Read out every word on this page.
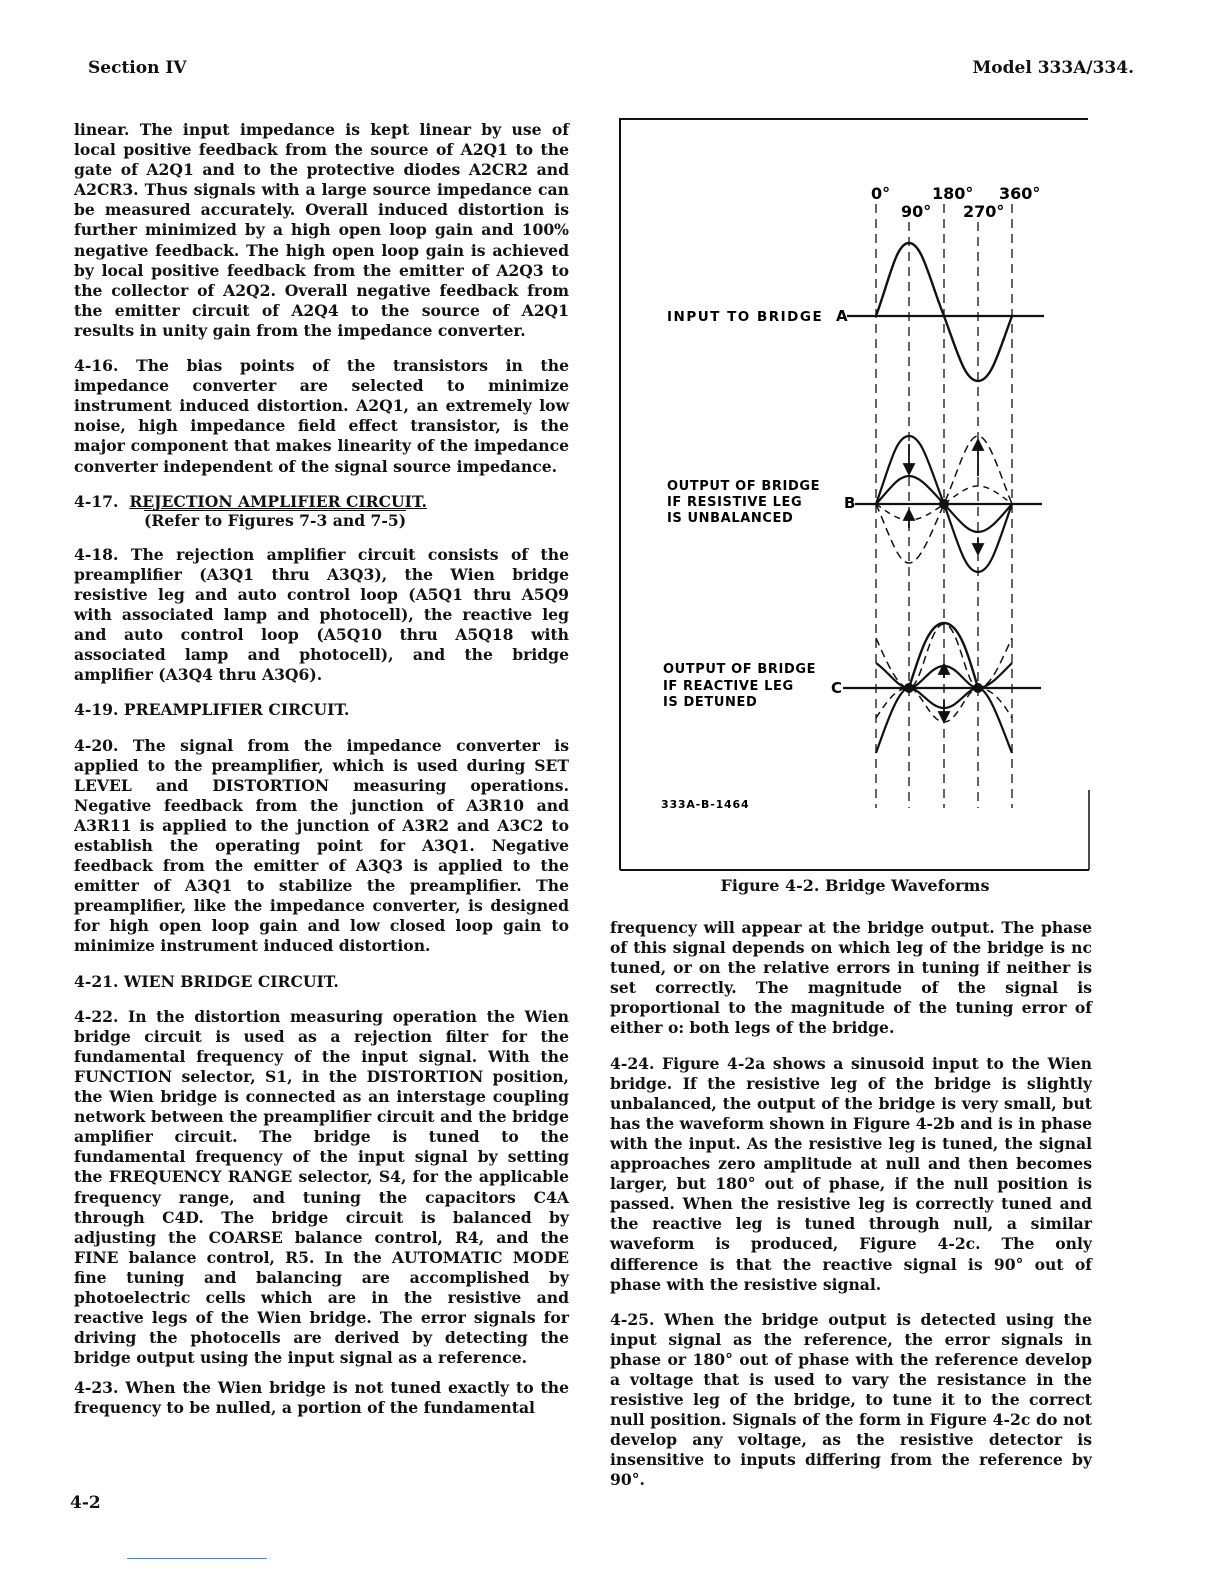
Section IV	Model 333A/334.

linear. The input impedance is kept linear by use of local positive feedback from the source of A2Q1 to the gate of A2Q1 and to the protective diodes A2CR2 and A2CR3. Thus signals with a large source impedance can be measured accurately. Overall induced distortion is further minimized by a high open loop gain and 100% negative feedback. The high open loop gain is achieved by local positive feedback from the emitter of A2Q3 to the collector of A2Q2. Overall negative feedback from the emitter circuit of A2Q4 to the source of A2Q1 results in unity gain from the impedance converter.

4-16. The bias points of the transistors in the impedance converter are selected to minimize instrument induced distortion. A2Q1, an extremely low noise, high impedance field effect transistor, is the major component that makes linearity of the impedance converter independent of the signal source impedance.

4-17. REJECTION AMPLIFIER CIRCUIT.
(Refer to Figures 7-3 and 7-5)

4-18. The rejection amplifier circuit consists of the preamplifier (A3Q1 thru A3Q3), the Wien bridge resistive leg and auto control loop (A5Q1 thru A5Q9 with associated lamp and photocell), the reactive leg and auto control loop (A5Q10 thru A5Q18 with associated lamp and photocell), and the bridge amplifier (A3Q4 thru A3Q6).

4-19. PREAMPLIFIER CIRCUIT.

4-20. The signal from the impedance converter is applied to the preamplifier, which is used during SET LEVEL and DISTORTION measuring operations. Negative feedback from the junction of A3R10 and A3R11 is applied to the junction of A3R2 and A3C2 to establish the operating point for A3Q1. Negative feedback from the emitter of A3Q3 is applied to the emitter of A3Q1 to stabilize the preamplifier. The preamplifier, like the impedance converter, is designed for high open loop gain and low closed loop gain to minimize instrument induced distortion.

4-21. WIEN BRIDGE CIRCUIT.

4-22. In the distortion measuring operation the Wien bridge circuit is used as a rejection filter for the fundamental frequency of the input signal. With the FUNCTION selector, S1, in the DISTORTION position, the Wien bridge is connected as an interstage coupling network between the preamplifier circuit and the bridge amplifier circuit. The bridge is tuned to the fundamental frequency of the input signal by setting the FREQUENCY RANGE selector, S4, for the applicable frequency range, and tuning the capacitors C4A through C4D. The bridge circuit is balanced by adjusting the COARSE balance control, R4, and the FINE balance control, R5. In the AUTOMATIC MODE fine tuning and balancing are accomplished by photoelectric cells which are in the resistive and reactive legs of the Wien bridge. The error signals for driving the photocells are derived by detecting the bridge output using the input signal as a reference.

4-23. When the Wien bridge is not tuned exactly to the frequency to be nulled, a portion of the fundamental

0°	180° 360°
90° 270°
INPUT TO BRIDGE A
OUTPUT OF BRIDGE
IF RESISTIVE LEG
IS UNBALANCED
B
OUTPUT OF BRIDGE
IF REACTIVE LEG
IS DETUNED
C
333A-B-1464
Figure 4-2. Bridge Waveforms

frequency will appear at the bridge output. The phase of this signal depends on which leg of the bridge is nc tuned, or on the relative errors in tuning if neither is set correctly. The magnitude of the signal is proportional to the magnitude of the tuning error of either o: both legs of the bridge.

4-24. Figure 4-2a shows a sinusoid input to the Wien bridge. If the resistive leg of the bridge is slightly unbalanced, the output of the bridge is very small, but has the waveform shown in Figure 4-2b and is in phase with the input. As the resistive leg is tuned, the signal approaches zero amplitude at null and then becomes larger, but 180° out of phase, if the null position is passed. When the resistive leg is correctly tuned and the reactive leg is tuned through null, a similar waveform is produced, Figure 4-2c. The only difference is that the reactive signal is 90° out of phase with the resistive signal.

4-25. When the bridge output is detected using the input signal as the reference, the error signals in phase or 180° out of phase with the reference develop a voltage that is used to vary the resistance in the resistive leg of the bridge, to tune it to the correct null position. Signals of the form in Figure 4-2c do not develop any voltage, as the resistive detector is insensitive to inputs differing from the reference by 90°.

4-2
